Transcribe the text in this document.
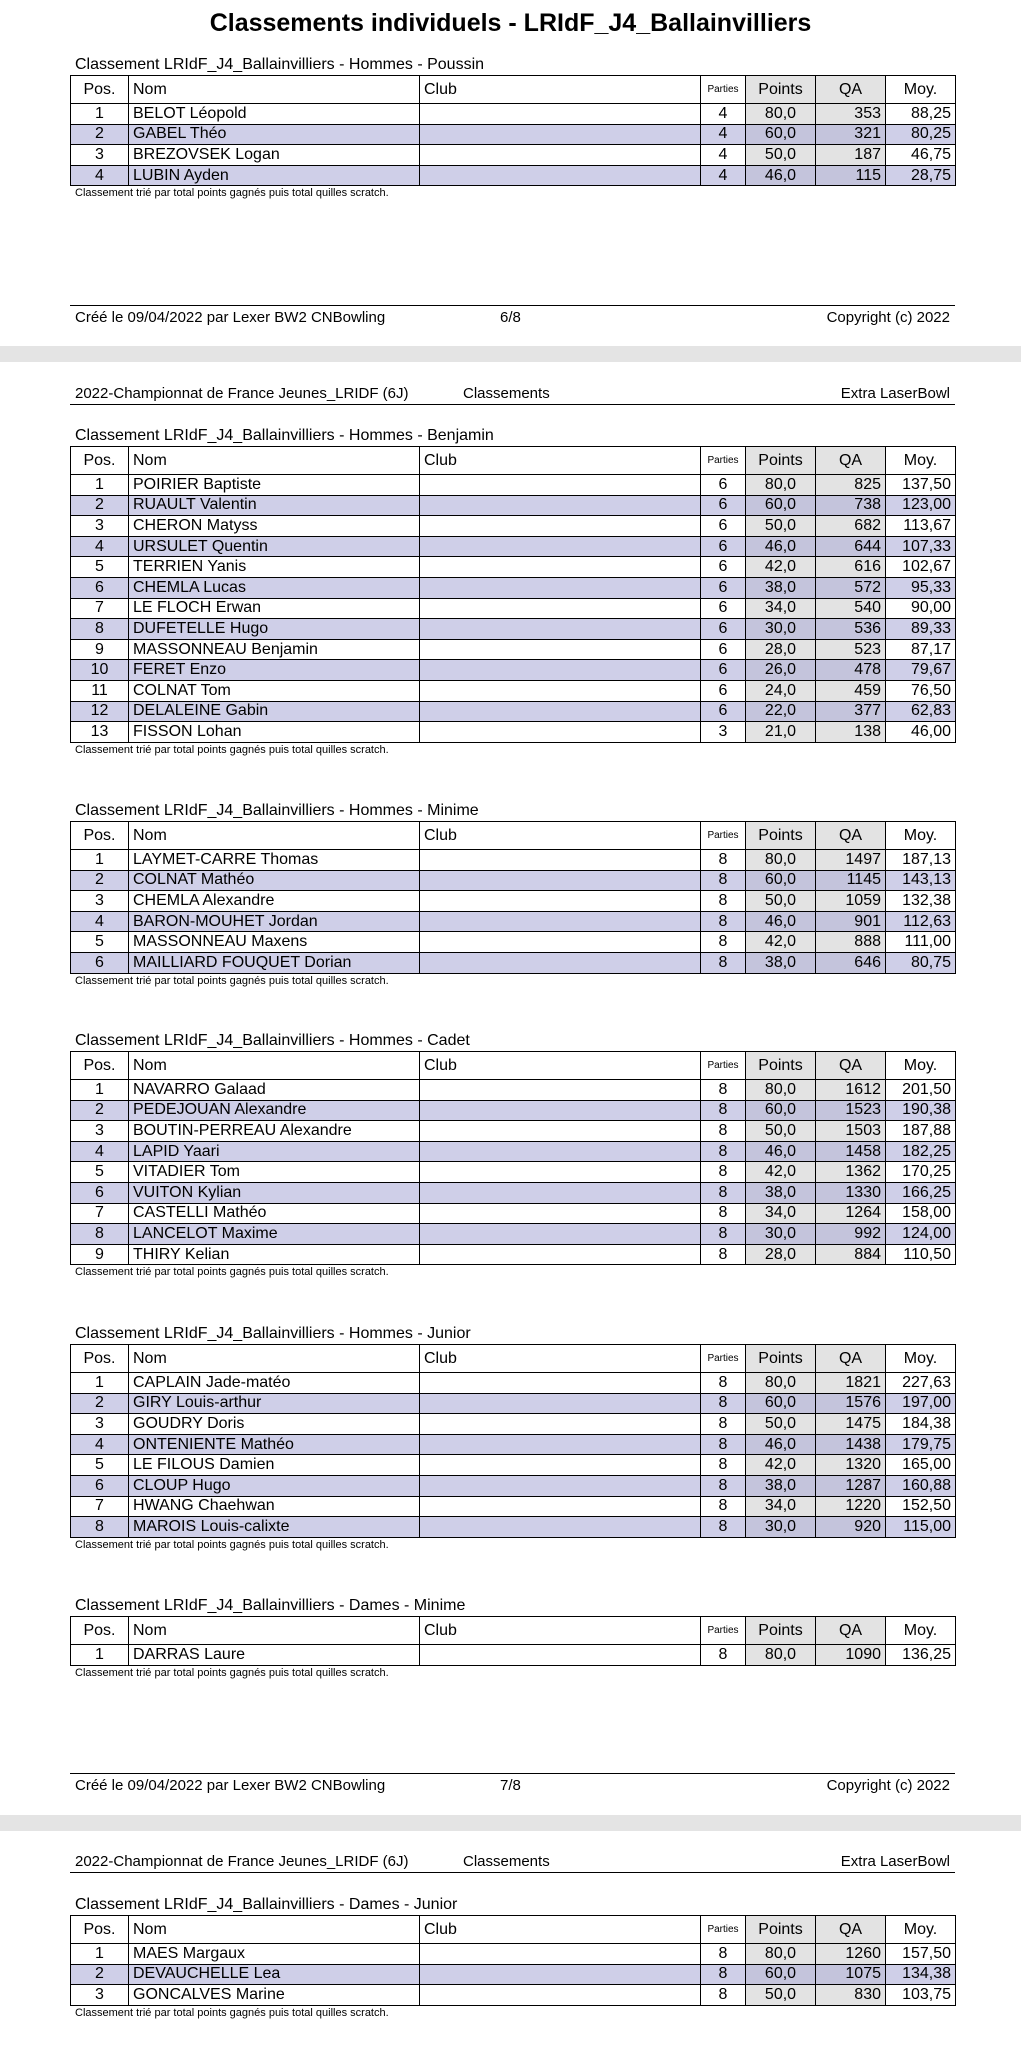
Classements individuels - LRIdF_J4_Ballainvilliers
Classement LRIdF_J4_Ballainvilliers - Hommes - Poussin
Pos.	Nom	Club	Parties	Points	QA	Moy.
1	BELOT Léopold		4	80,0	353	88,25
2	GABEL Théo		4	60,0	321	80,25
3	BREZOVSEK Logan		4	50,0	187	46,75
4	LUBIN Ayden		4	46,0	115	28,75
Classement trié par total points gagnés puis total quilles scratch.
Créé le 09/04/2022 par Lexer BW2 CNBowling	6/8	Copyright (c) 2022
2022-Championnat de France Jeunes_LRIDF (6J)	Classements	Extra LaserBowl
Classement LRIdF_J4_Ballainvilliers - Hommes - Benjamin
Pos.	Nom	Club	Parties	Points	QA	Moy.
1	POIRIER Baptiste		6	80,0	825	137,50
2	RUAULT Valentin		6	60,0	738	123,00
3	CHERON Matyss		6	50,0	682	113,67
4	URSULET Quentin		6	46,0	644	107,33
5	TERRIEN Yanis		6	42,0	616	102,67
6	CHEMLA Lucas		6	38,0	572	95,33
7	LE FLOCH Erwan		6	34,0	540	90,00
8	DUFETELLE Hugo		6	30,0	536	89,33
9	MASSONNEAU Benjamin		6	28,0	523	87,17
10	FERET Enzo		6	26,0	478	79,67
11	COLNAT Tom		6	24,0	459	76,50
12	DELALEINE Gabin		6	22,0	377	62,83
13	FISSON Lohan		3	21,0	138	46,00
Classement trié par total points gagnés puis total quilles scratch.
Classement LRIdF_J4_Ballainvilliers - Hommes - Minime
Pos.	Nom	Club	Parties	Points	QA	Moy.
1	LAYMET-CARRE Thomas		8	80,0	1497	187,13
2	COLNAT Mathéo		8	60,0	1145	143,13
3	CHEMLA Alexandre		8	50,0	1059	132,38
4	BARON-MOUHET Jordan		8	46,0	901	112,63
5	MASSONNEAU Maxens		8	42,0	888	111,00
6	MAILLIARD FOUQUET Dorian		8	38,0	646	80,75
Classement trié par total points gagnés puis total quilles scratch.
Classement LRIdF_J4_Ballainvilliers - Hommes - Cadet
Pos.	Nom	Club	Parties	Points	QA	Moy.
1	NAVARRO Galaad		8	80,0	1612	201,50
2	PEDEJOUAN Alexandre		8	60,0	1523	190,38
3	BOUTIN-PERREAU Alexandre		8	50,0	1503	187,88
4	LAPID Yaari		8	46,0	1458	182,25
5	VITADIER Tom		8	42,0	1362	170,25
6	VUITON Kylian		8	38,0	1330	166,25
7	CASTELLI Mathéo		8	34,0	1264	158,00
8	LANCELOT Maxime		8	30,0	992	124,00
9	THIRY Kelian		8	28,0	884	110,50
Classement trié par total points gagnés puis total quilles scratch.
Classement LRIdF_J4_Ballainvilliers - Hommes - Junior
Pos.	Nom	Club	Parties	Points	QA	Moy.
1	CAPLAIN Jade-matéo		8	80,0	1821	227,63
2	GIRY Louis-arthur		8	60,0	1576	197,00
3	GOUDRY Doris		8	50,0	1475	184,38
4	ONTENIENTE Mathéo		8	46,0	1438	179,75
5	LE FILOUS Damien		8	42,0	1320	165,00
6	CLOUP Hugo		8	38,0	1287	160,88
7	HWANG Chaehwan		8	34,0	1220	152,50
8	MAROIS Louis-calixte		8	30,0	920	115,00
Classement trié par total points gagnés puis total quilles scratch.
Classement LRIdF_J4_Ballainvilliers - Dames - Minime
Pos.	Nom	Club	Parties	Points	QA	Moy.
1	DARRAS Laure		8	80,0	1090	136,25
Classement trié par total points gagnés puis total quilles scratch.
Créé le 09/04/2022 par Lexer BW2 CNBowling	7/8	Copyright (c) 2022
2022-Championnat de France Jeunes_LRIDF (6J)	Classements	Extra LaserBowl
Classement LRIdF_J4_Ballainvilliers - Dames - Junior
Pos.	Nom	Club	Parties	Points	QA	Moy.
1	MAES Margaux		8	80,0	1260	157,50
2	DEVAUCHELLE Lea		8	60,0	1075	134,38
3	GONCALVES Marine		8	50,0	830	103,75
Classement trié par total points gagnés puis total quilles scratch.
